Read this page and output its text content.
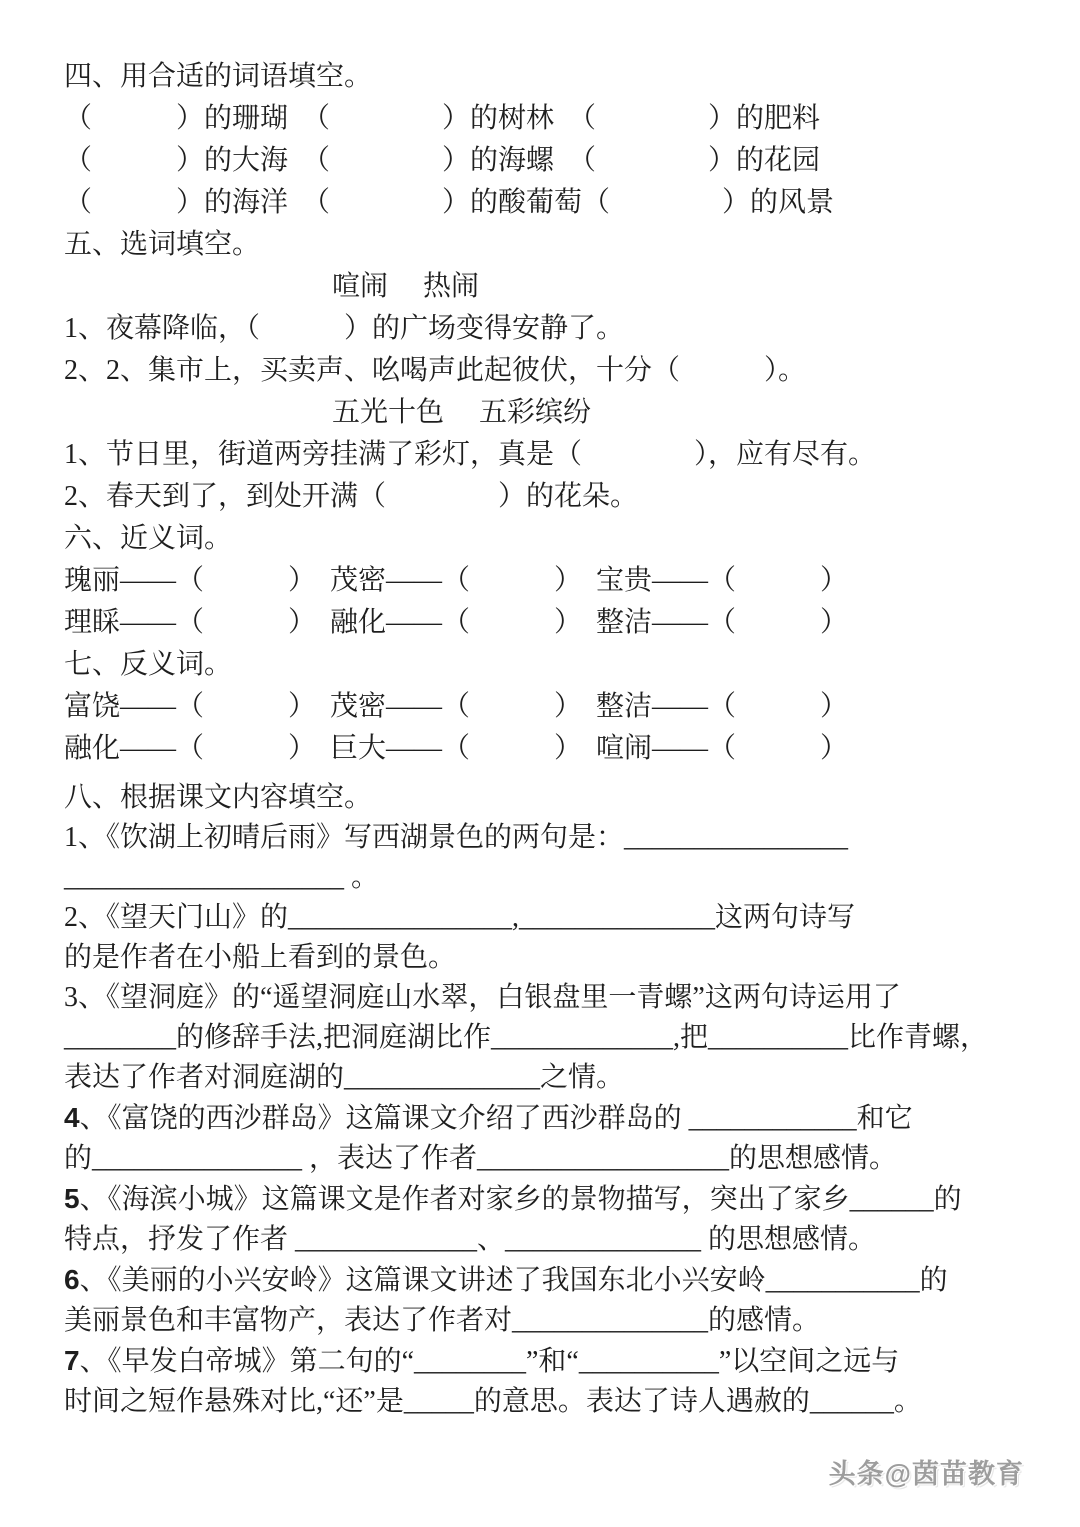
四、用合适的词语填空。
（　　　）的珊瑚　（　　　　）的树林　（　　　　）的肥料
（　　　）的大海　（　　　　）的海螺　（　　　　）的花园
（　　　）的海洋　（　　　　）的酸葡萄（　　　　）的风景
五、选词填空。
喧闹　 热闹
1、夜幕降临，（　　　）的广场变得安静了。
2、2、集市上，买卖声、吆喝声此起彼伏，十分（　　　）。
五光十色　 五彩缤纷
1、节日里，街道两旁挂满了彩灯，真是（　　　　），应有尽有。
2、春天到了，到处开满（　　　　）的花朵。
六、近义词。
瑰丽——（　　　）　茂密——（　　　）　宝贵——（　　　）
理睬——（　　　）　融化——（　　　）　整洁——（　　　）
七、反义词。
富饶——（　　　）　茂密——（　　　）　整洁——（　　　）
融化——（　　　）　巨大——（　　　）　喧闹——（　　　）
八、根据课文内容填空。
1、《饮湖上初晴后雨》写西湖景色的两句是：________________
____________________ 。
2、《望天门山》的________________,______________这两句诗写
的是作者在小船上看到的景色。
3、《望洞庭》的“遥望洞庭山水翠，白银盘里一青螺”这两句诗运用了
________的修辞手法,把洞庭湖比作_____________,把__________比作青螺，
表达了作者对洞庭湖的______________之情。
4、《富饶的西沙群岛》这篇课文介绍了西沙群岛的 ____________和它
的_______________ ，表达了作者__________________的思想感情。
5、《海滨小城》这篇课文是作者对家乡的景物描写，突出了家乡______的
特点，抒发了作者 _____________、______________ 的思想感情。
6、《美丽的小兴安岭》这篇课文讲述了我国东北小兴安岭___________的
美丽景色和丰富物产，表达了作者对______________的感情。
7、《早发白帝城》第二句的“________”和“__________”以空间之远与
时间之短作悬殊对比,“还”是_____的意思。表达了诗人遇赦的______。
头条@茵苗教育
